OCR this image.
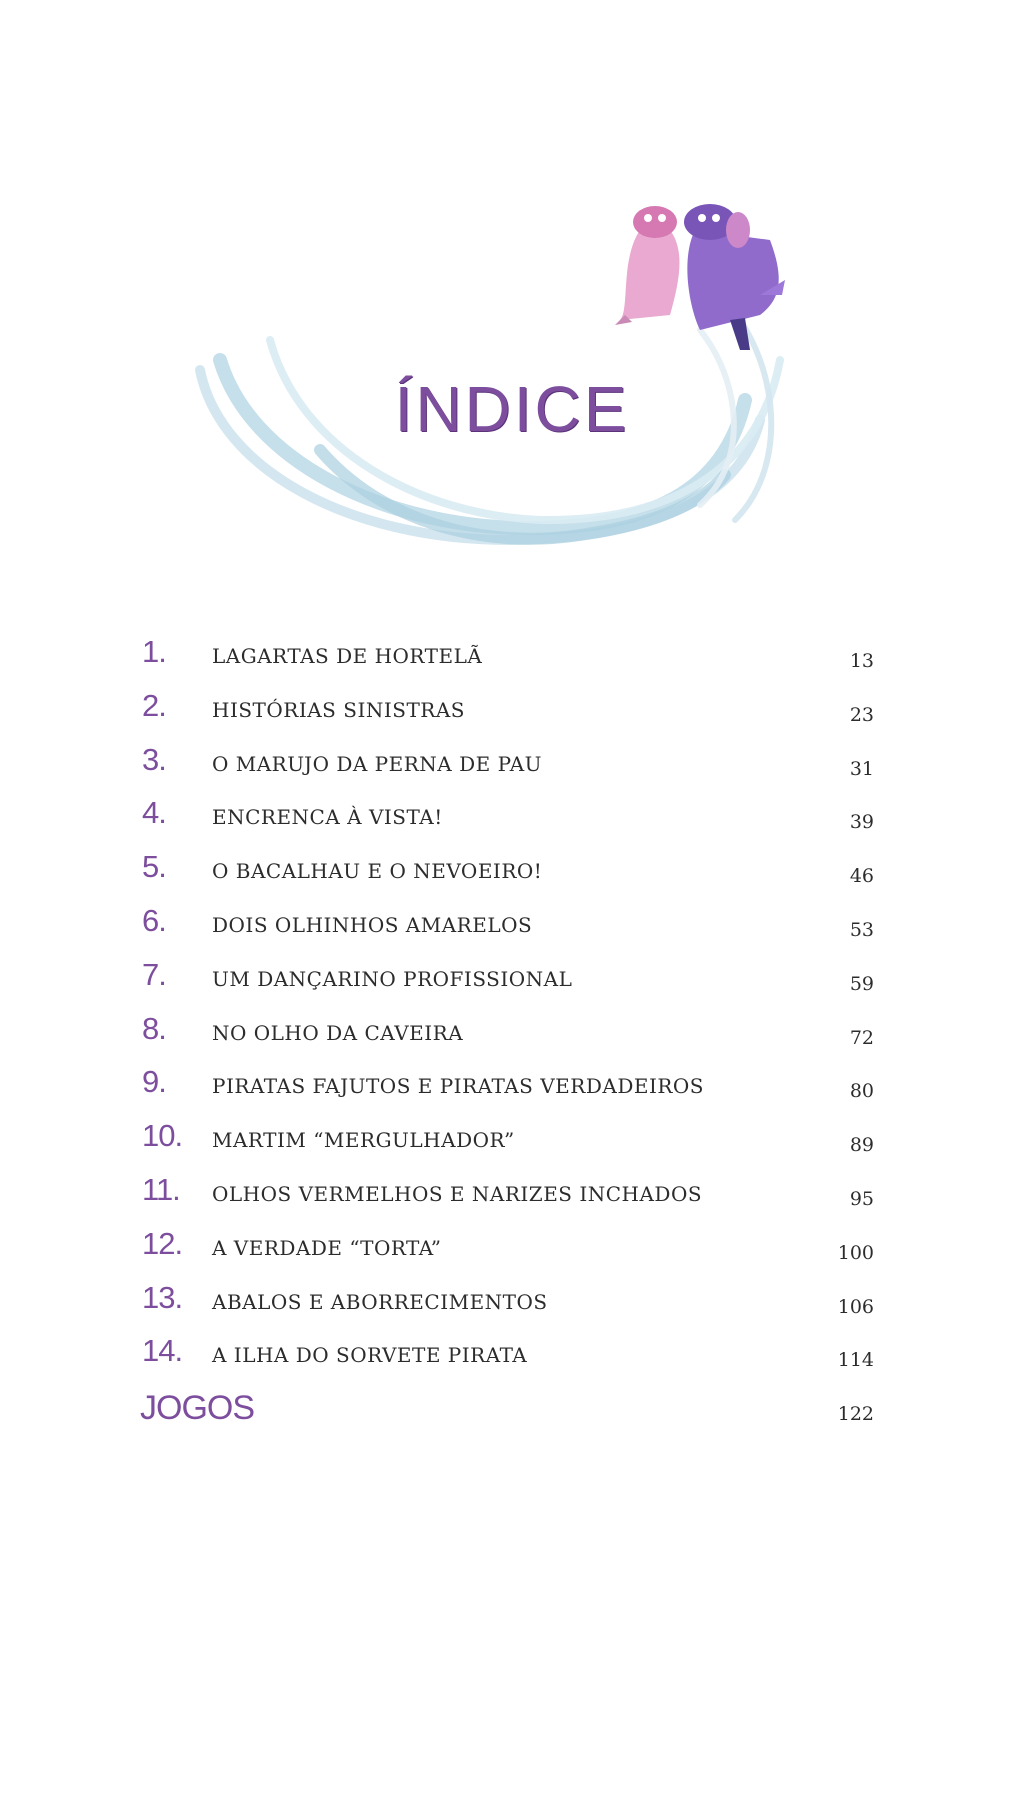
ÍNDICE
1. LAGARTAS DE HORTELÃ	13
2. HISTÓRIAS SINISTRAS	23
3. O MARUJO DA PERNA DE PAU	31
4. ENCRENCA À VISTA!	39
5. O BACALHAU E O NEVOEIRO!	46
6. DOIS OLHINHOS AMARELOS	53
7. UM DANÇARINO PROFISSIONAL	59
8. NO OLHO DA CAVEIRA	72
9. PIRATAS FAJUTOS E PIRATAS VERDADEIROS	80
10. MARTIM “MERGULHADOR”	89
11. OLHOS VERMELHOS E NARIZES INCHADOS	95
12. A VERDADE “TORTA”	100
13. ABALOS E ABORRECIMENTOS	106
14. A ILHA DO SORVETE PIRATA	114
JOGOS	122
